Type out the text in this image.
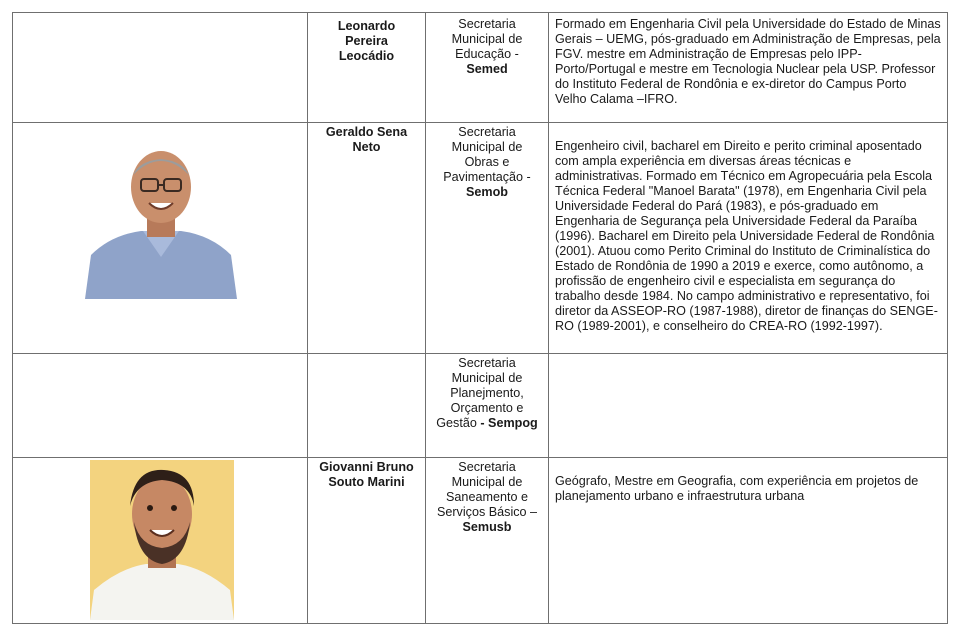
Leonardo
Pereira
Leocádio
Secretaria
Municipal de
Educação -
Semed
Formado em Engenharia Civil pela Universidade do Estado de Minas Gerais – UEMG, pós-graduado em Administração de Empresas, pela FGV. mestre em Administração de Empresas pelo IPP-Porto/Portugal e mestre em Tecnologia Nuclear pela USP. Professor do Instituto Federal de Rondônia e ex-diretor do Campus Porto Velho Calama –IFRO.
Geraldo Sena
Neto
Secretaria
Municipal de
Obras e
Pavimentação -
Semob
Engenheiro civil, bacharel em Direito e perito criminal aposentado com ampla experiência em diversas áreas técnicas e administrativas. Formado em Técnico em Agropecuária pela Escola Técnica Federal "Manoel Barata" (1978), em Engenharia Civil pela Universidade Federal do Pará (1983), e pós-graduado em Engenharia de Segurança pela Universidade Federal da Paraíba (1996). Bacharel em Direito pela Universidade Federal de Rondônia (2001). Atuou como Perito Criminal do Instituto de Criminalística do Estado de Rondônia de 1990 a 2019 e exerce, como autônomo, a profissão de engenheiro civil e especialista em segurança do trabalho desde 1984. No campo administrativo e representativo, foi diretor da ASSEOP-RO (1987-1988), diretor de finanças do SENGE-RO (1989-2001), e conselheiro do CREA-RO (1992-1997).
Secretaria
Municipal de
Planejmento,
Orçamento e
Gestão - Sempog
Giovanni Bruno
Souto Marini
Secretaria
Municipal de
Saneamento e
Serviços Básico –
Semusb
Geógrafo, Mestre em Geografia, com experiência em projetos de planejamento urbano e infraestrutura urbana
